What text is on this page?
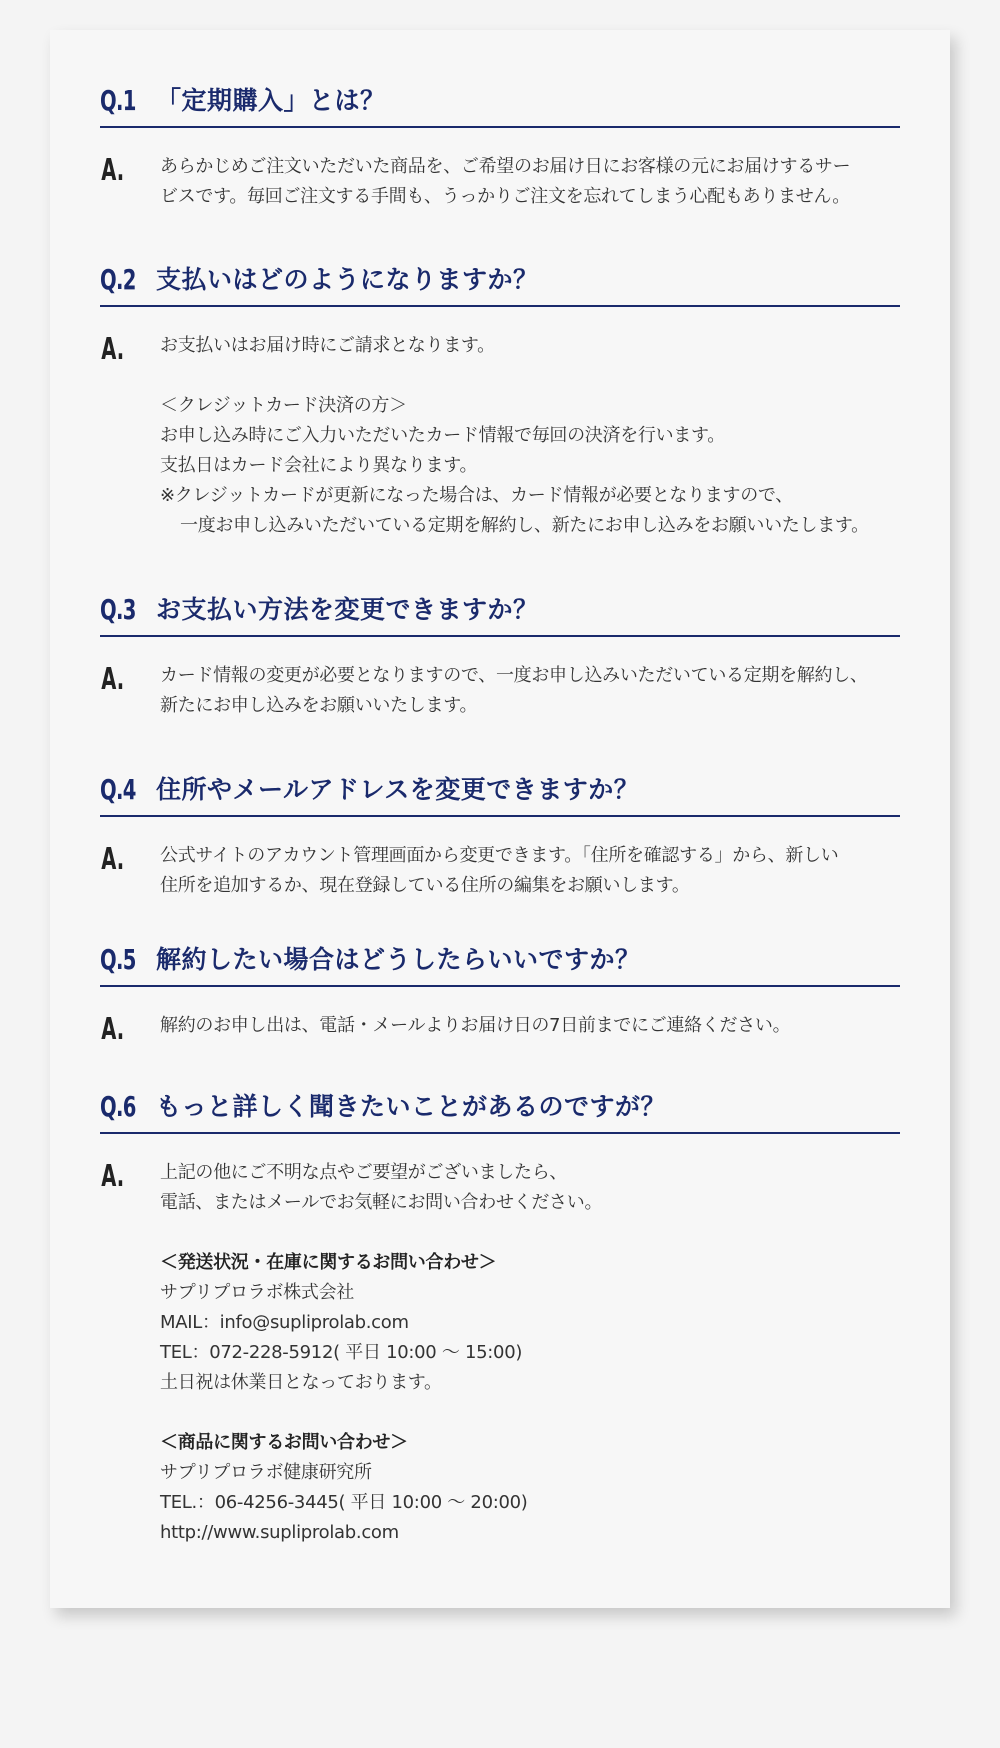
Q.1 「定期購入」とは？
A.	あらかじめご注文いただいた商品を、ご希望のお届け日にお客様の元にお届けするサー
ビスです。毎回ご注文する手間も、うっかりご注文を忘れてしまう心配もありません。
Q.2 支払いはどのようになりますか？
A.	お支払いはお届け時にご請求となります。
＜クレジットカード決済の方＞
お申し込み時にご入力いただいたカード情報で毎回の決済を行います。
支払日はカード会社により異なります。
※クレジットカードが更新になった場合は、カード情報が必要となりますので、
一度お申し込みいただいている定期を解約し、新たにお申し込みをお願いいたします。
Q.3 お支払い方法を変更できますか？
A.	カード情報の変更が必要となりますので、一度お申し込みいただいている定期を解約し、
新たにお申し込みをお願いいたします。
Q.4 住所やメールアドレスを変更できますか？
A.	公式サイトのアカウント管理画面から変更できます。「住所を確認する」から、新しい
住所を追加するか、現在登録している住所の編集をお願いします。
Q.5 解約したい場合はどうしたらいいですか？
A.	解約のお申し出は、電話・メールよりお届け日の7日前までにご連絡ください。
Q.6 もっと詳しく聞きたいことがあるのですが？
A.	上記の他にご不明な点やご要望がございましたら、
電話、またはメールでお気軽にお問い合わせください。
＜発送状況・在庫に関するお問い合わせ＞
サプリプロラボ株式会社
MAIL：info@supliprolab.com
TEL：072-228-5912( 平日 10:00 ～ 15:00)
土日祝は休業日となっております。
＜商品に関するお問い合わせ＞
サプリプロラボ健康研究所
TEL.：06-4256-3445( 平日 10:00 ～ 20:00)
http://www.supliprolab.com
